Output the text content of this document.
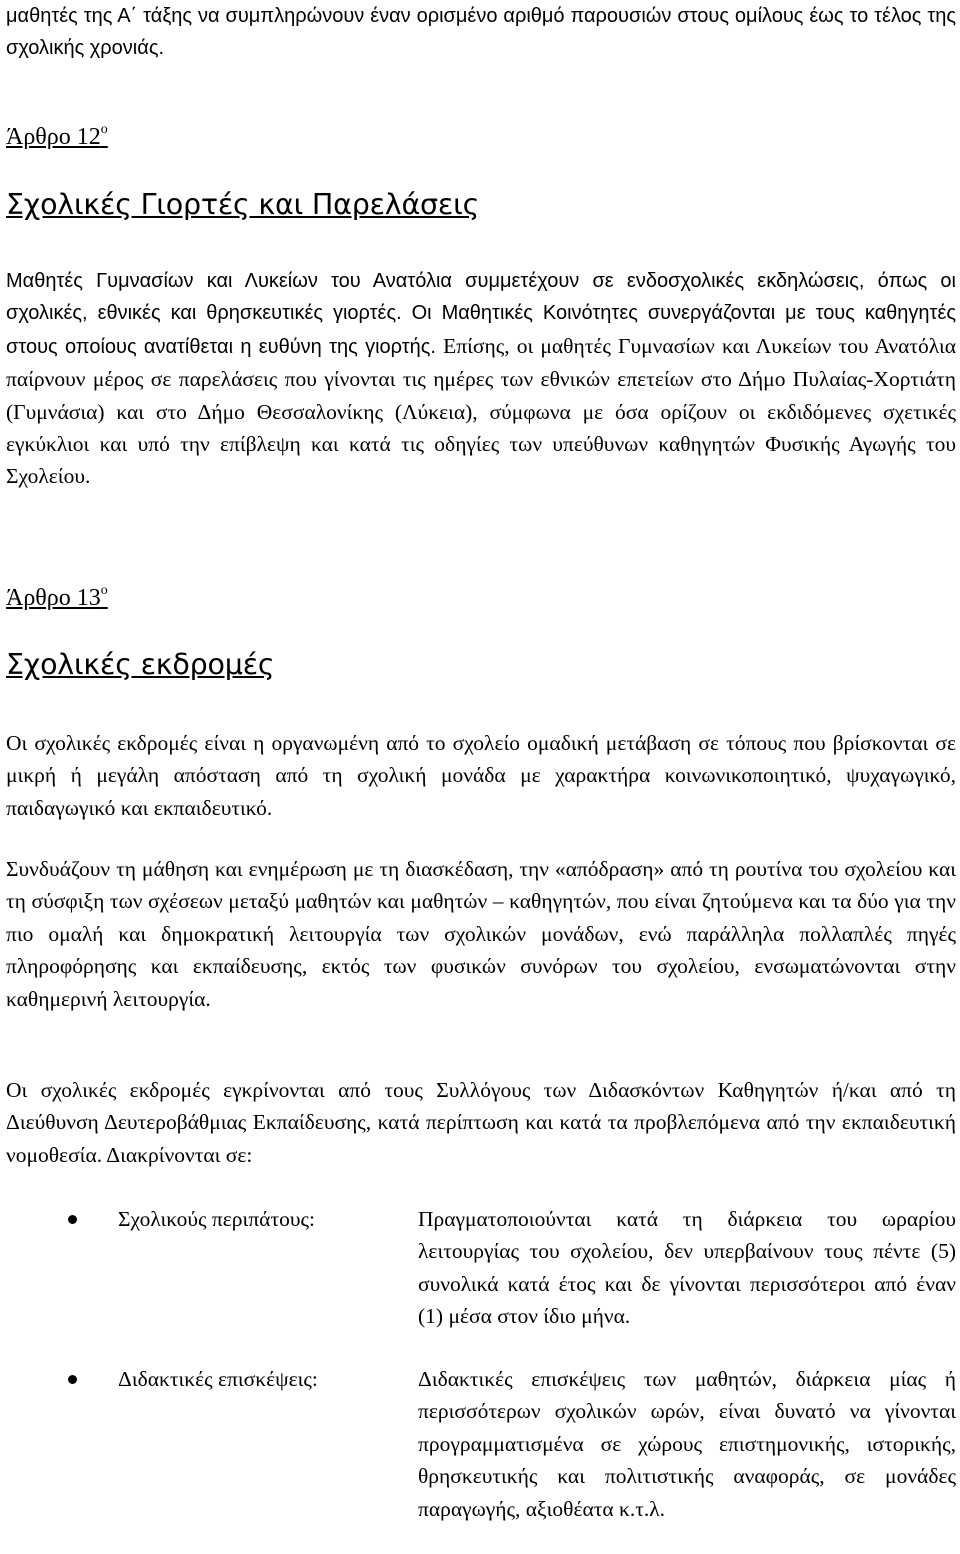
μαθητές της Α΄ τάξης να συμπληρώνουν έναν ορισμένο αριθμό παρουσιών στους ομίλους έως το τέλος της σχολικής χρονιάς.

Άρθρο $12^o$

Σχολικές Γιορτές και Παρελάσεις

Μαθητές Γυμνασίων και Λυκείων του Ανατόλια συμμετέχουν σε ενδοσχολικές εκδηλώσεις, όπως οι σχολικές, εθνικές και θρησκευτικές γιορτές. Οι Μαθητικές Κοινότητες συνεργάζονται με τους καθηγητές στους οποίους ανατίθεται η ευθύνη της γιορτής. Επίσης, οι μαθητές Γυμνασίων και Λυκείων του Ανατόλια παίρνουν μέρος σε παρελάσεις που γίνονται τις ημέρες των εθνικών επετείων στο Δήμο Πυλαίας-Χορτιάτη (Γυμνάσια) και στο Δήμο Θεσσαλονίκης (Λύκεια), σύμφωνα με όσα ορίζουν οι εκδιδόμενες σχετικές εγκύκλιοι και υπό την επίβλεψη και κατά τις οδηγίες των υπεύθυνων καθηγητών Φυσικής Αγωγής του Σχολείου.

Άρθρο $13^o$

Σχολικές εκδρομές

Οι σχολικές εκδρομές είναι η οργανωμένη από το σχολείο ομαδική μετάβαση σε τόπους που βρίσκονται σε μικρή ή μεγάλη απόσταση από τη σχολική μονάδα με χαρακτήρα κοινωνικοποιητικό, ψυχαγωγικό, παιδαγωγικό και εκπαιδευτικό.

Συνδυάζουν τη μάθηση και ενημέρωση με τη διασκέδαση, την «απόδραση» από τη ρουτίνα του σχολείου και τη σύσφιξη των σχέσεων μεταξύ μαθητών και μαθητών – καθηγητών, που είναι ζητούμενα και τα δύο για την πιο ομαλή και δημοκρατική λειτουργία των σχολικών μονάδων, ενώ παράλληλα πολλαπλές πηγές πληροφόρησης και εκπαίδευσης, εκτός των φυσικών συνόρων του σχολείου, ενσωματώνονται στην καθημερινή λειτουργία.

Οι σχολικές εκδρομές εγκρίνονται από τους Συλλόγους των Διδασκόντων Καθηγητών ή/και από τη Διεύθυνση Δευτεροβάθμιας Εκπαίδευσης, κατά περίπτωση και κατά τα προβλεπόμενα από την εκπαιδευτική νομοθεσία. Διακρίνονται σε:

Σχολικούς περιπάτους:	Πραγματοποιούνται κατά τη διάρκεια του ωραρίου λειτουργίας του σχολείου, δεν υπερβαίνουν τους πέντε (5) συνολικά κατά έτος και δε γίνονται περισσότεροι από έναν (1) μέσα στον ίδιο μήνα.

Διδακτικές επισκέψεις:	Διδακτικές επισκέψεις των μαθητών, διάρκεια μίας ή περισσότερων σχολικών ωρών, είναι δυνατό να γίνονται προγραμματισμένα σε χώρους επιστημονικής, ιστορικής, θρησκευτικής και πολιτιστικής αναφοράς, σε μονάδες παραγωγής, αξιοθέατα κ.τ.λ.
